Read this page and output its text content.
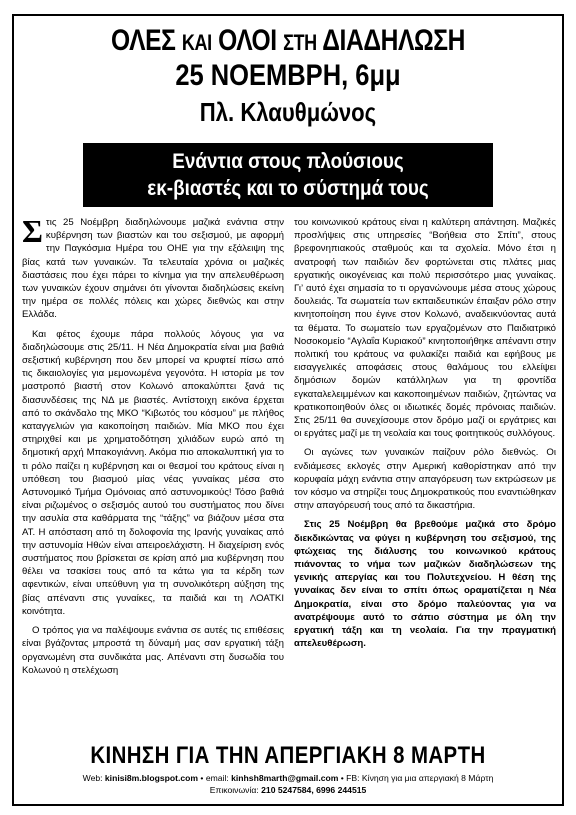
ΟΛΕΣ ΚΑΙ ΟΛΟΙ ΣΤΗ ΔΙΑΔΗΛΩΣΗ
25 ΝΟΕΜΒΡΗ, 6μμ
Πλ. Κλαυθμώνος
Ενάντια στους πλούσιους
εκ-βιαστές και το σύστημά τους

Στις 25 Νοέμβρη διαδηλώνουμε μαζικά ενάντια στην κυβέρνηση των βιαστών και του σεξισμού, με αφορμή την Παγκόσμια Ημέρα του ΟΗΕ για την εξάλειψη της βίας κατά των γυναικών. Τα τελευταία χρόνια οι μαζικές διαστάσεις που έχει πάρει το κίνημα για την απελευθέρωση των γυναικών έχουν σημάνει ότι γίνονται διαδηλώσεις εκείνη την ημέρα σε πολλές πόλεις και χώρες διεθνώς και στην Ελλάδα.

Και φέτος έχουμε πάρα πολλούς λόγους για να διαδηλώσουμε στις 25/11. Η Νέα Δημοκρατία είναι μια βαθιά σεξιστική κυβέρνηση που δεν μπορεί να κρυφτεί πίσω από τις δικαιολογίες για μεμονωμένα γεγονότα. Η ιστορία με τον μαστροπό βιαστή στον Κολωνό αποκαλύπτει ξανά τις διασυνδέσεις της ΝΔ με βιαστές. Αντίστοιχη εικόνα έρχεται από το σκάνδαλο της ΜΚΟ “Κιβωτός του κόσμου” με πλήθος καταγγελιών για κακοποίηση παιδιών. Μία ΜΚΟ που έχει στηριχθεί και με χρηματοδότηση χιλιάδων ευρώ από τη δημοτική αρχή Μπακογιάννη. Ακόμα πιο αποκαλυπτική για το τι ρόλο παίζει η κυβέρνηση και οι θεσμοί του κράτους είναι η υπόθεση του βιασμού μίας νέας γυναίκας μέσα στο Αστυνομικό Τμήμα Ομόνοιας από αστυνομικούς! Τόσο βαθιά είναι ριζωμένος ο σεξισμός αυτού του συστήματος που δίνει την ασυλία στα καθάρματα της “τάξης” να βιάζουν μέσα στα ΑΤ. Η απόσταση από τη δολοφονία της Ιρανής γυναίκας από την αστυνομία Ηθών είναι απειροελάχιστη. Η διαχείριση ενός συστήματος που βρίσκεται σε κρίση από μια κυβέρνηση που θέλει να τσακίσει τους από τα κάτω για τα κέρδη των αφεντικών, είναι υπεύθυνη για τη συνολικότερη αύξηση της βίας απέναντι στις γυναίκες, τα παιδιά και τη ΛΟΑΤΚΙ κοινότητα.

Ο τρόπος για να παλέψουμε ενάντια σε αυτές τις επιθέσεις είναι βγάζοντας μπροστά τη δύναμή μας σαν εργατική τάξη οργανωμένη στα συνδικάτα μας. Απέναντι στη δυσωδία του Κολωνού η στελέχωση

του κοινωνικού κράτους είναι η καλύτερη απάντηση. Μαζικές προσλήψεις στις υπηρεσίες “Βοήθεια στο Σπίτι”, στους βρεφονηπιακούς σταθμούς και τα σχολεία. Μόνο έτσι η ανατροφή των παιδιών δεν φορτώνεται στις πλάτες μιας εργατικής οικογένειας και πολύ περισσότερο μιας γυναίκας. Γι’ αυτό έχει σημασία το τι οργανώνουμε μέσα στους χώρους δουλειάς. Τα σωματεία των εκπαιδευτικών έπαιξαν ρόλο στην κινητοποίηση που έγινε στον Κολωνό, αναδεικνύοντας αυτά τα θέματα. Το σωματείο των εργαζομένων στο Παιδιατρικό Νοσοκομείο “Αγλαΐα Κυριακού” κινητοποιήθηκε απέναντι στην πολιτική του κράτους να φυλακίζει παιδιά και εφήβους με εισαγγελικές αποφάσεις στους θαλάμους του ελλείψει δημόσιων δομών κατάλληλων για τη φροντίδα εγκαταλελειμμένων και κακοποιημένων παιδιών, ζητώντας να κρατικοποιηθούν όλες οι ιδιωτικές δομές πρόνοιας παιδιών. Στις 25/11 θα συνεχίσουμε στον δρόμο μαζί οι εργάτριες και οι εργάτες μαζί με τη νεολαία και τους φοιτητικούς συλλόγους.

Οι αγώνες των γυναικών παίζουν ρόλο διεθνώς. Οι ενδιάμεσες εκλογές στην Αμερική καθορίστηκαν από την κορυφαία μάχη ενάντια στην απαγόρευση των εκτρώσεων με τον κόσμο να στηρίζει τους Δημοκρατικούς που εναντιώθηκαν στην απαγόρευσή τους από τα δικαστήρια.

Στις 25 Νοέμβρη θα βρεθούμε μαζικά στο δρόμο διεκδικώντας να φύγει η κυβέρνηση του σεξισμού, της φτώχειας της διάλυσης του κοινωνικού κράτους πιάνοντας το νήμα των μαζικών διαδηλώσεων της γενικής απεργίας και του Πολυτεχνείου. Η θέση της γυναίκας δεν είναι το σπίτι όπως οραματίζεται η Νέα Δημοκρατία, είναι στο δρόμο παλεύοντας για να ανατρέψουμε αυτό το σάπιο σύστημα με όλη την εργατική τάξη και τη νεολαία. Για την πραγματική απελευθέρωση.

ΚΙΝΗΣΗ ΓΙΑ ΤΗΝ ΑΠΕΡΓΙΑΚΗ 8 ΜΑΡΤΗ
Web: kinisi8m.blogspot.com • email: kinhsh8marth@gmail.com • FB: Κίνηση για μια απεργιακή 8 Μάρτη
Επικοινωνία: 210 5247584, 6996 244515
